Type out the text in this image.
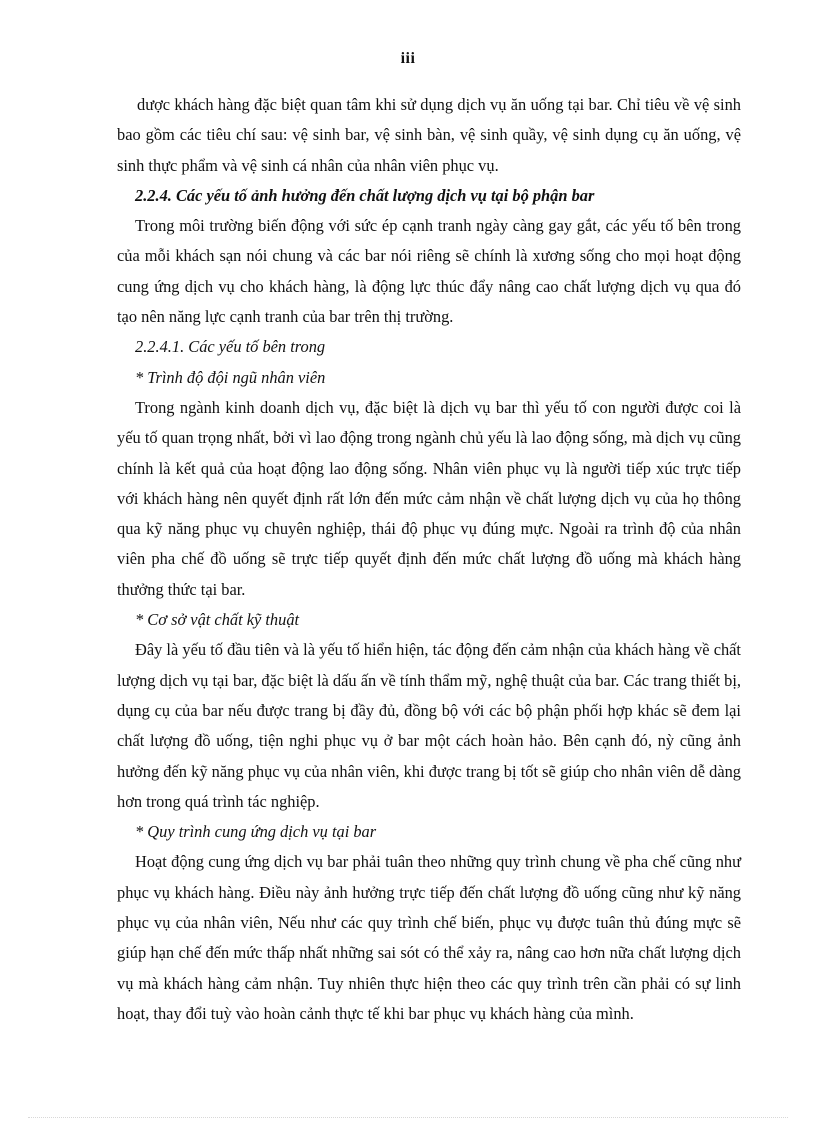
iii

dược khách hàng đặc biệt quan tâm khi sử dụng dịch vụ ăn uống tại bar. Chỉ tiêu về vệ sinh bao gồm các tiêu chí sau: vệ sinh bar, vệ sinh bàn, vệ sinh quầy, vệ sinh dụng cụ ăn uống, vệ sinh thực phẩm và vệ sinh cá nhân của nhân viên phục vụ.

2.2.4. Các yếu tố ảnh hưởng đến chất lượng dịch vụ tại bộ phận bar

Trong môi trường biến động với sức ép cạnh tranh ngày càng gay gắt, các yếu tố bên trong của mỗi khách sạn nói chung và các bar nói riêng sẽ chính là xương sống cho mọi hoạt động cung ứng dịch vụ cho khách hàng, là động lực thúc đẩy nâng cao chất lượng dịch vụ qua đó tạo nên năng lực cạnh tranh của bar trên thị trường.

2.2.4.1. Các yếu tố bên trong

* Trình độ đội ngũ nhân viên

Trong ngành kinh doanh dịch vụ, đặc biệt là dịch vụ bar thì yếu tố con người được coi là yếu tố quan trọng nhất, bởi vì lao động trong ngành chủ yếu là lao động sống, mà dịch vụ cũng chính là kết quả của hoạt động lao động sống. Nhân viên phục vụ là người tiếp xúc trực tiếp với khách hàng nên quyết định rất lớn đến mức cảm nhận về chất lượng dịch vụ của họ thông qua kỹ năng phục vụ chuyên nghiệp, thái độ phục vụ đúng mực. Ngoài ra trình độ của nhân viên pha chế đồ uống sẽ trực tiếp quyết định đến mức chất lượng đồ uống mà khách hàng thưởng thức tại bar.

* Cơ sở vật chất kỹ thuật

Đây là yếu tố đầu tiên và là yếu tố hiển hiện, tác động đến cảm nhận của khách hàng về chất lượng dịch vụ tại bar, đặc biệt là dấu ấn về tính thẩm mỹ, nghệ thuật của bar. Các trang thiết bị, dụng cụ của bar nếu được trang bị đầy đủ, đồng bộ với các bộ phận phối hợp khác sẽ đem lại chất lượng đồ uống, tiện nghi phục vụ ở bar một cách hoàn hảo. Bên cạnh đó, nỳ cũng ảnh hưởng đến kỹ năng phục vụ của nhân viên, khi được trang bị tốt sẽ giúp cho nhân viên dễ dàng hơn trong quá trình tác nghiệp.

* Quy trình cung ứng dịch vụ tại bar

Hoạt động cung ứng dịch vụ bar phải tuân theo những quy trình chung về pha chế cũng như phục vụ khách hàng. Điều này ảnh hưởng trực tiếp đến chất lượng đồ uống cũng như kỹ năng phục vụ của nhân viên, Nếu như các quy trình chế biến, phục vụ được tuân thủ đúng mực sẽ giúp hạn chế đến mức thấp nhất những sai sót có thể xảy ra, nâng cao hơn nữa chất lượng dịch vụ mà khách hàng cảm nhận. Tuy nhiên thực hiện theo các quy trình trên cần phải có sự linh hoạt, thay đổi tuỳ vào hoàn cảnh thực tế khi bar phục vụ khách hàng của mình.
